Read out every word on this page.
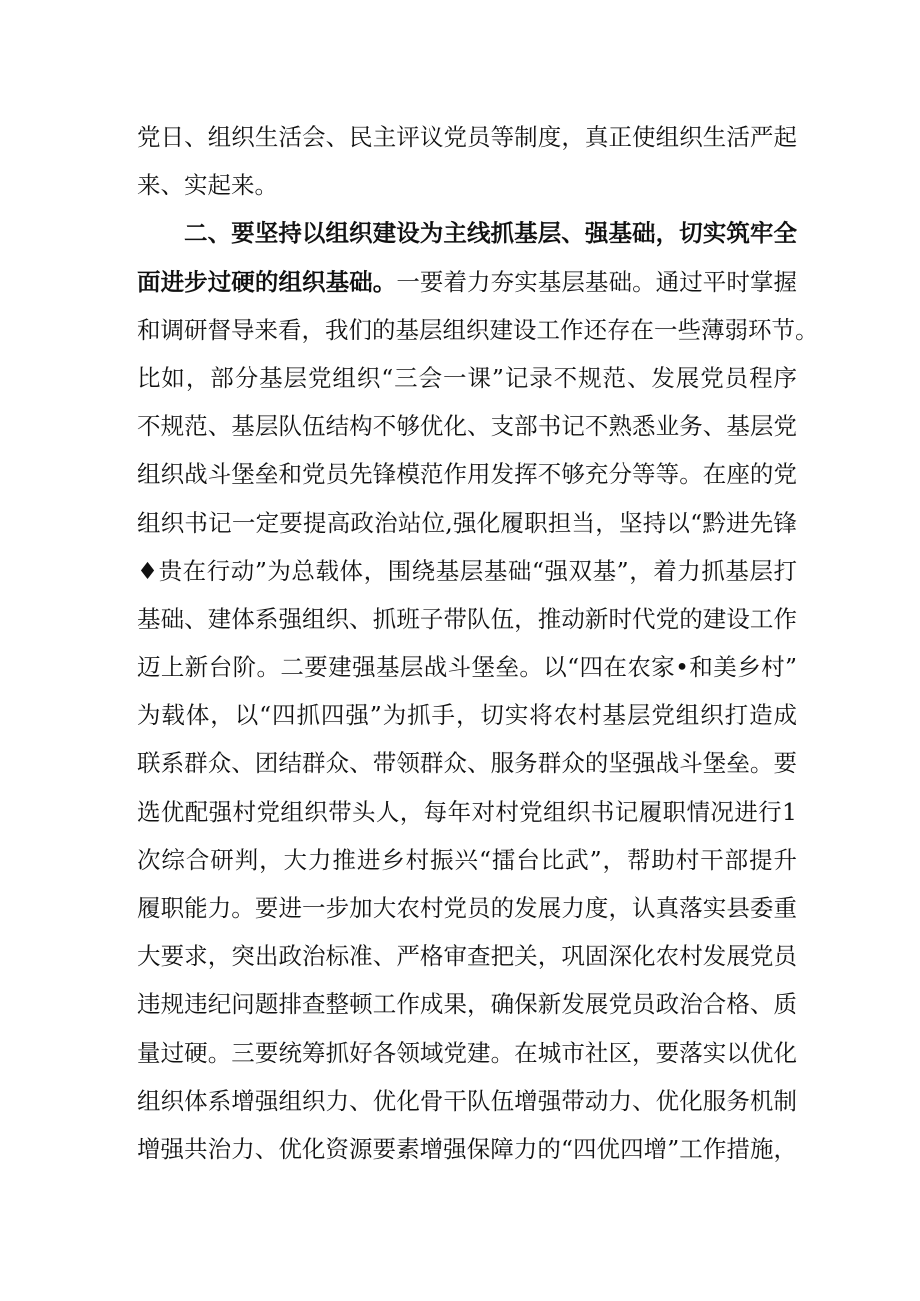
党日、组织生活会、民主评议党员等制度，真正使组织生活严起
来、实起来。
二、要坚持以组织建设为主线抓基层、强基础，切实筑牢全
面进步过硬的组织基础。一要着力夯实基层基础。通过平时掌握
和调研督导来看，我们的基层组织建设工作还存在一些薄弱环节。
比如，部分基层党组织“三会一课”记录不规范、发展党员程序
不规范、基层队伍结构不够优化、支部书记不熟悉业务、基层党
组织战斗堡垒和党员先锋模范作用发挥不够充分等等。在座的党
组织书记一定要提高政治站位,强化履职担当，坚持以“黔进先锋
♦贵在行动”为总载体，围绕基层基础“强双基”，着力抓基层打
基础、建体系强组织、抓班子带队伍，推动新时代党的建设工作
迈上新台阶。二要建强基层战斗堡垒。以“四在农家•和美乡村”
为载体，以“四抓四强”为抓手，切实将农村基层党组织打造成
联系群众、团结群众、带领群众、服务群众的坚强战斗堡垒。要
选优配强村党组织带头人，每年对村党组织书记履职情况进行1
次综合研判，大力推进乡村振兴“擂台比武”，帮助村干部提升
履职能力。要进一步加大农村党员的发展力度，认真落实县委重
大要求，突出政治标准、严格审查把关，巩固深化农村发展党员
违规违纪问题排查整顿工作成果，确保新发展党员政治合格、质
量过硬。三要统筹抓好各领域党建。在城市社区，要落实以优化
组织体系增强组织力、优化骨干队伍增强带动力、优化服务机制
增强共治力、优化资源要素增强保障力的“四优四增”工作措施，
